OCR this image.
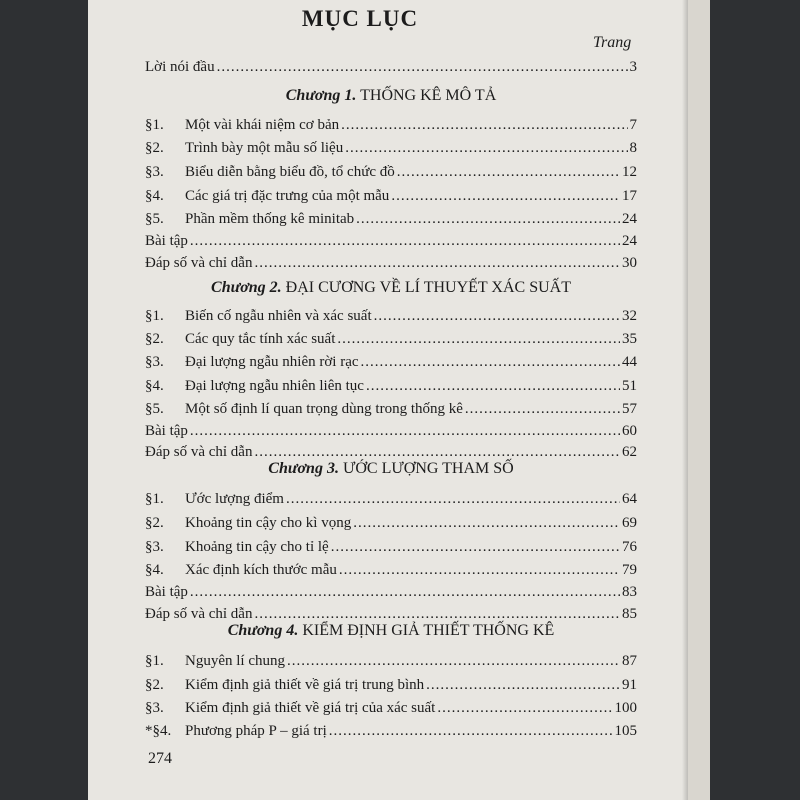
MỤC LỤC
Trang
Lời nói đầu .....	3
Chương 1. THỐNG KÊ MÔ TẢ
§1.	Một vài khái niệm cơ bản .....	7
§2.	Trình bày một mẫu số liệu .....	8
§3.	Biểu diễn bằng biểu đồ, tổ chức đồ .....	12
§4.	Các giá trị đặc trưng của một mẫu .....	17
§5.	Phần mềm thống kê minitab .....	24
Bài tập .....	24
Đáp số và chỉ dẫn .....	30
Chương 2. ĐẠI CƯƠNG VỀ LÍ THUYẾT XÁC SUẤT
§1.	Biến cố ngẫu nhiên và xác suất .....	32
§2.	Các quy tắc tính xác suất .....	35
§3.	Đại lượng ngẫu nhiên rời rạc .....	44
§4.	Đại lượng ngẫu nhiên liên tục .....	51
§5.	Một số định lí quan trọng dùng trong thống kê .....	57
Bài tập .....	60
Đáp số và chỉ dẫn .....	62
Chương 3. ƯỚC LƯỢNG THAM SỐ
§1.	Ước lượng điểm .....	64
§2.	Khoảng tin cậy cho kì vọng .....	69
§3.	Khoảng tin cậy cho tỉ lệ .....	76
§4.	Xác định kích thước mẫu .....	79
Bài tập .....	83
Đáp số và chỉ dẫn .....	85
Chương 4. KIỂM ĐỊNH GIẢ THIẾT THỐNG KÊ
§1.	Nguyên lí chung .....	87
§2.	Kiểm định giả thiết về giá trị trung bình .....	91
§3.	Kiểm định giả thiết về giá trị của xác suất .....	100
*§4. Phương pháp P – giá trị .....	105
274
